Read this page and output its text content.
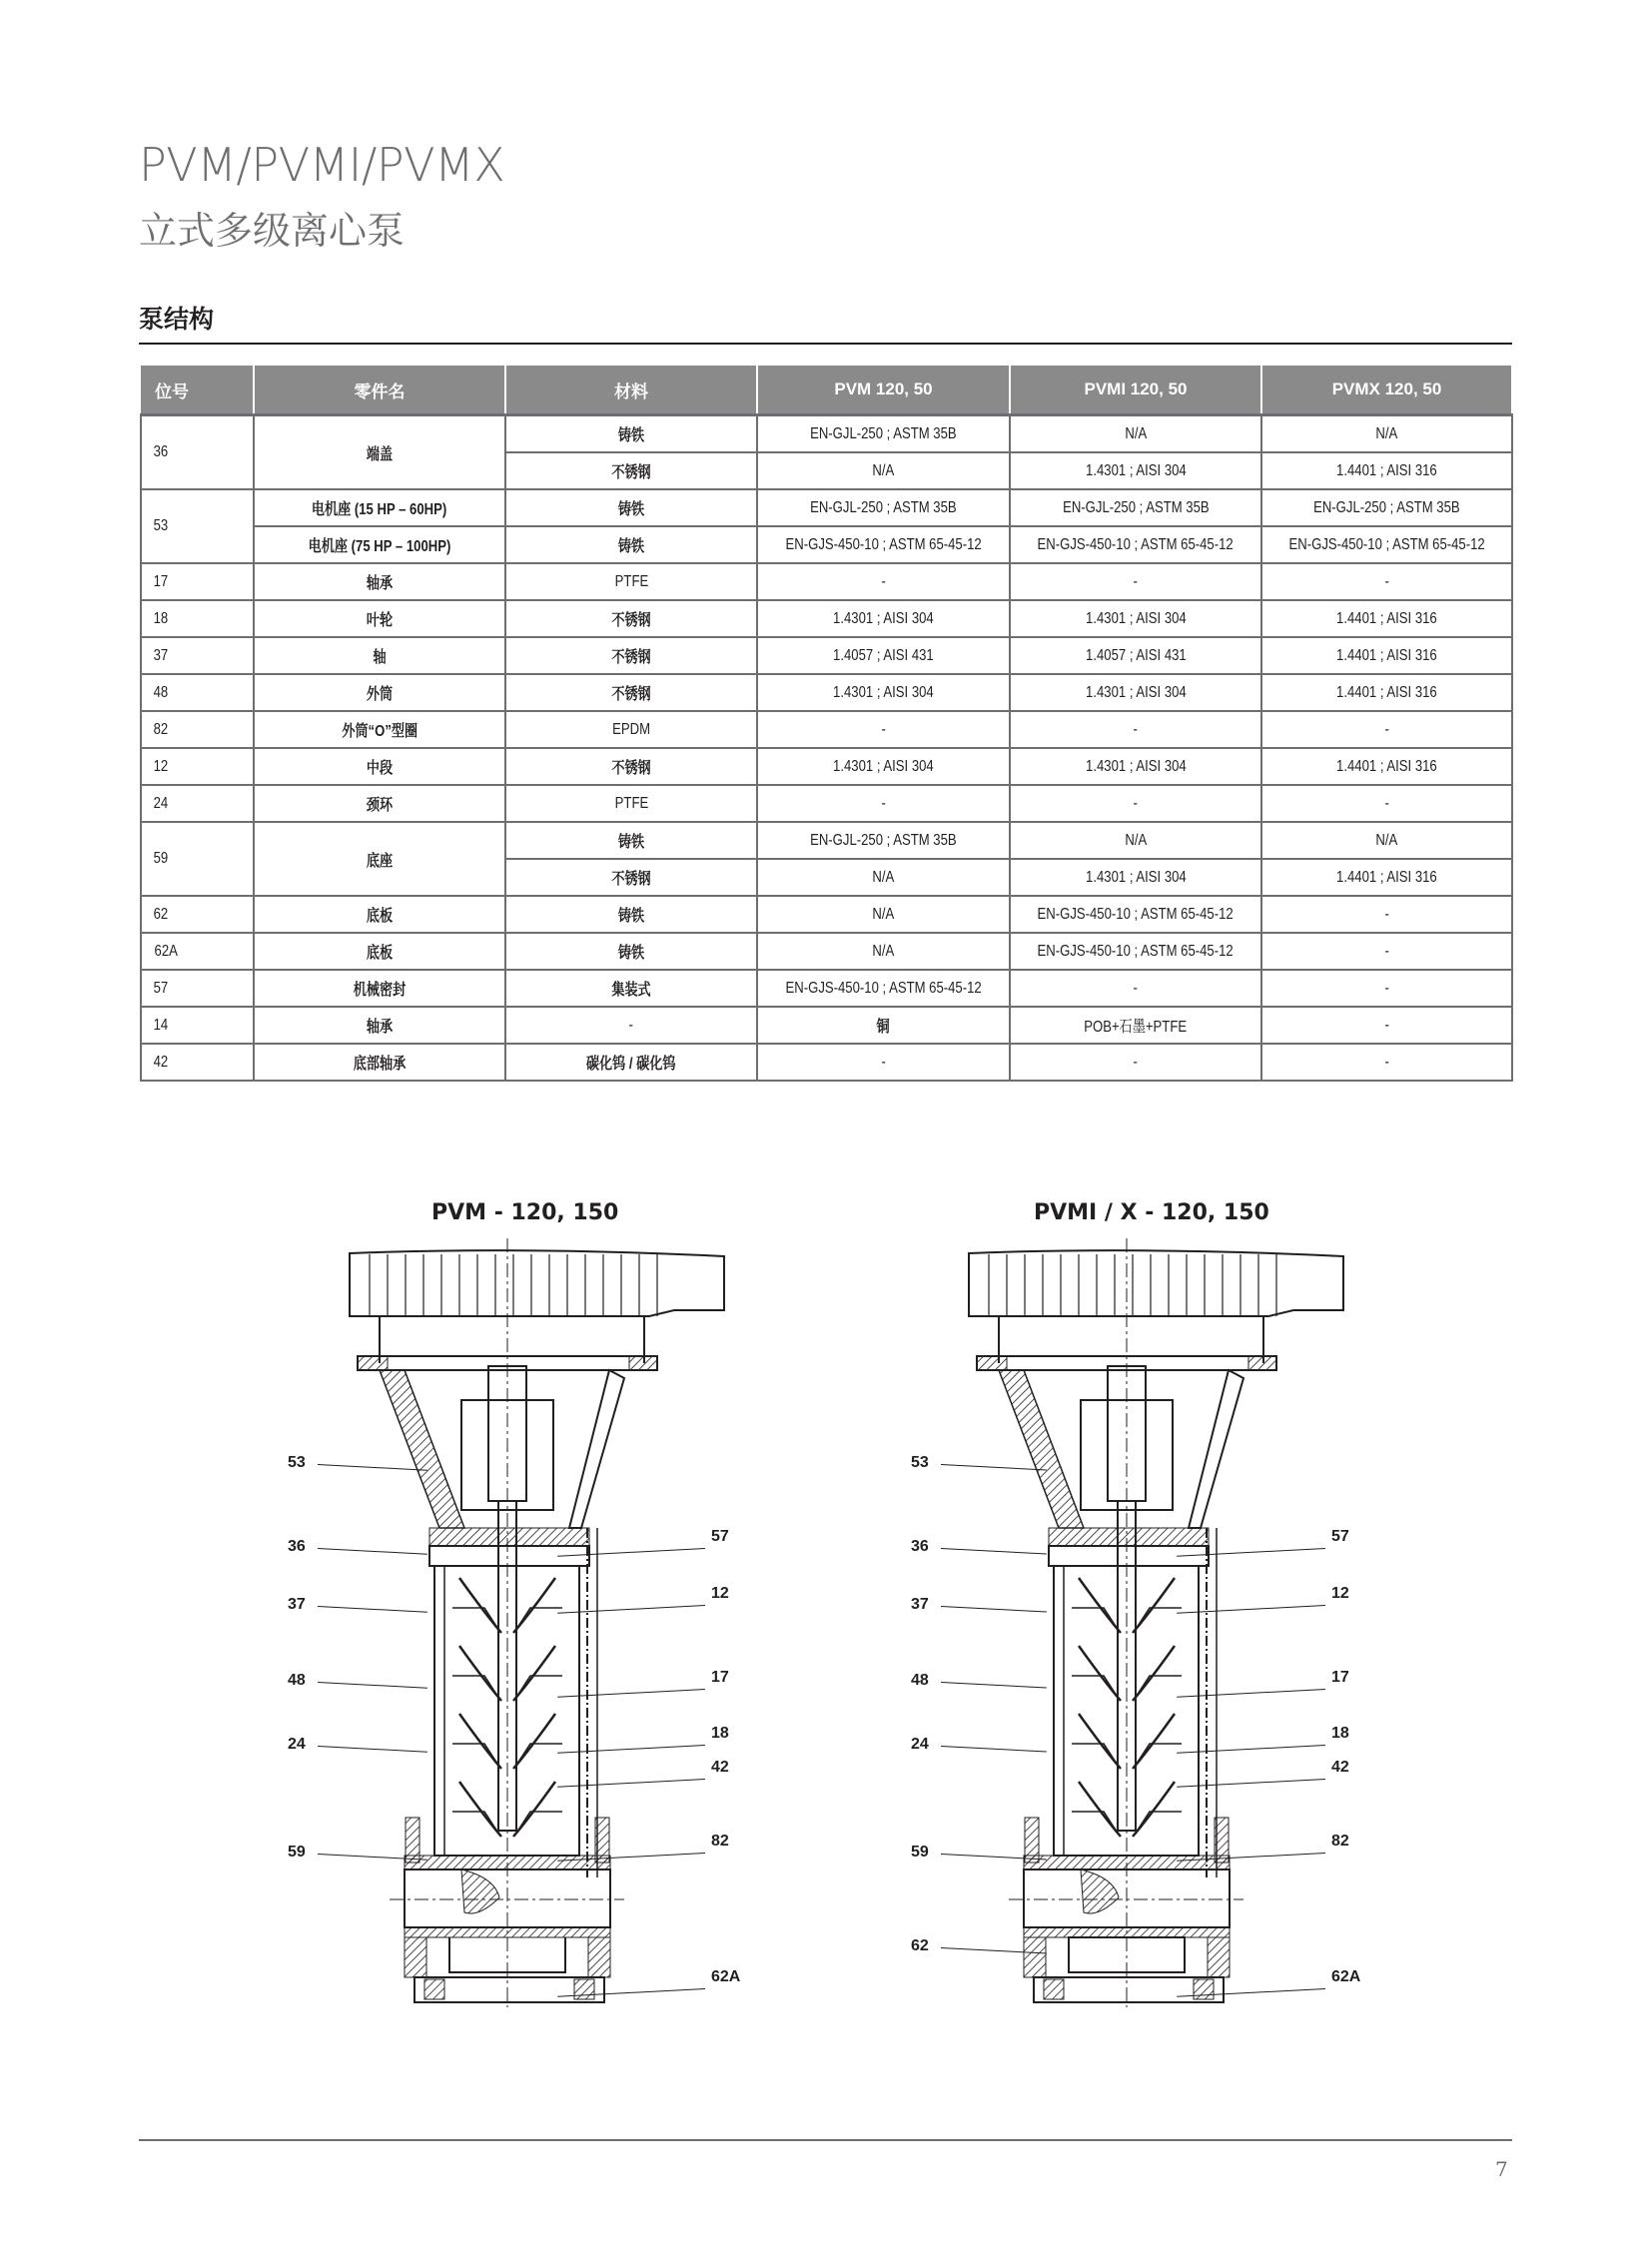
PVM/PVMI/PVMX
立式多级离心泵
泵结构
位号	零件名	材料	PVM 120, 50	PVMI 120, 50	PVMX 120, 50
36	端盖	铸铁	EN-GJL-250 ; ASTM 35B	N/A	N/A
		不锈钢	N/A	1.4301 ; AISI 304	1.4401 ; AISI 316
53	电机座 (15 HP – 60HP)	铸铁	EN-GJL-250 ; ASTM 35B	EN-GJL-250 ; ASTM 35B	EN-GJL-250 ; ASTM 35B
	电机座 (75 HP – 100HP)	铸铁	EN-GJS-450-10 ; ASTM 65-45-12	EN-GJS-450-10 ; ASTM 65-45-12	EN-GJS-450-10 ; ASTM 65-45-12
17	轴承	PTFE	-	-	-
18	叶轮	不锈钢	1.4301 ; AISI 304	1.4301 ; AISI 304	1.4401 ; AISI 316
37	轴	不锈钢	1.4057 ; AISI 431	1.4057 ; AISI 431	1.4401 ; AISI 316
48	外筒	不锈钢	1.4301 ; AISI 304	1.4301 ; AISI 304	1.4401 ; AISI 316
82	外筒“O”型圈	EPDM	-	-	-
12	中段	不锈钢	1.4301 ; AISI 304	1.4301 ; AISI 304	1.4401 ; AISI 316
24	颈环	PTFE	-	-	-
59	底座	铸铁	EN-GJL-250 ; ASTM 35B	N/A	N/A
		不锈钢	N/A	1.4301 ; AISI 304	1.4401 ; AISI 316
62	底板	铸铁	N/A	EN-GJS-450-10 ; ASTM 65-45-12	-
62A	底板	铸铁	N/A	EN-GJS-450-10 ; ASTM 65-45-12	-
57	机械密封	集装式	EN-GJS-450-10 ; ASTM 65-45-12	-	-
14	轴承	-	铜	POB+石墨+PTFE	-
42	底部轴承	碳化钨 / 碳化钨	-	-	-
PVM - 120, 150	PVMI / X - 120, 150
53
36
37
48
24
59
57
12
17
18
42
82
62A
53
36
37
48
24
59
62
57
12
17
18
42
82
62A
7
